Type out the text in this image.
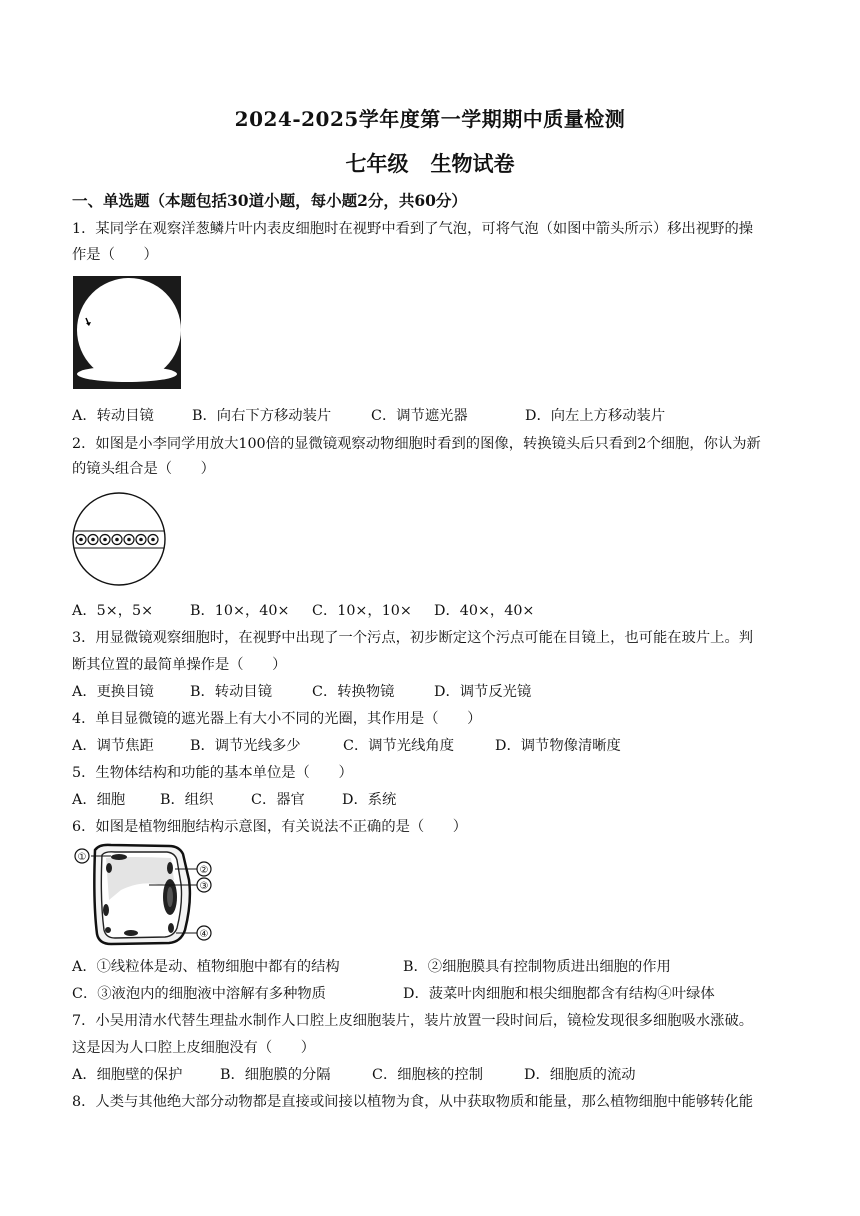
2024-2025学年度第一学期期中质量检测
七年级 生物试卷
一、单选题（本题包括30道小题，每小题2分，共60分）
1．某同学在观察洋葱鳞片叶内表皮细胞时在视野中看到了气泡，可将气泡（如图中箭头所示）移出视野的操
作是（　　）
A．转动目镜	B．向右下方移动装片	C．调节遮光器	D．向左上方移动装片
2．如图是小李同学用放大100倍的显微镜观察动物细胞时看到的图像，转换镜头后只看到2个细胞，你认为新
的镜头组合是（　　）
A．5×，5×	B．10×，40× C．10×，10× D．40×，40×
3．用显微镜观察细胞时，在视野中出现了一个污点，初步断定这个污点可能在目镜上，也可能在玻片上。判
断其位置的最简单操作是（　　）
A．更换目镜	B．转动目镜	C．转换物镜	D．调节反光镜
4．单目显微镜的遮光器上有大小不同的光圈，其作用是（　　）
A．调节焦距	B．调节光线多少	C．调节光线角度	D．调节物像清晰度
5．生物体结构和功能的基本单位是（　　）
A．细胞 B．组织	C．器官	D．系统
6．如图是植物细胞结构示意图，有关说法不正确的是（　　）
①
②
③
④
A．①线粒体是动、植物细胞中都有的结构	B．②细胞膜具有控制物质进出细胞的作用
C．③液泡内的细胞液中溶解有多种物质	D．菠菜叶肉细胞和根尖细胞都含有结构④叶绿体
7．小吴用清水代替生理盐水制作人口腔上皮细胞装片，装片放置一段时间后，镜检发现很多细胞吸水涨破。
这是因为人口腔上皮细胞没有（　　）
A．细胞壁的保护	B．细胞膜的分隔	C．细胞核的控制	D．细胞质的流动
8．人类与其他绝大部分动物都是直接或间接以植物为食，从中获取物质和能量，那么植物细胞中能够转化能
